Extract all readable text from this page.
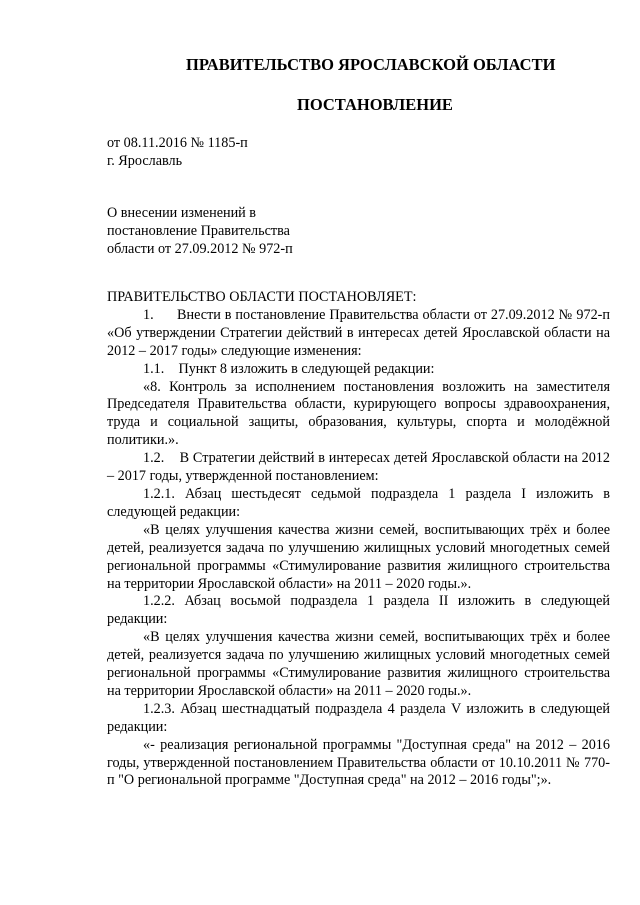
ПРАВИТЕЛЬСТВО ЯРОСЛАВСКОЙ ОБЛАСТИ
ПОСТАНОВЛЕНИЕ
от 08.11.2016 № 1185-п
г. Ярославль
О внесении изменений в
постановление Правительства
области от 27.09.2012 № 972-п

ПРАВИТЕЛЬСТВО ОБЛАСТИ ПОСТАНОВЛЯЕТ:

1.      Внести в постановление Правительства области от 27.09.2012 № 972-п «Об утверждении Стратегии действий в интересах детей Ярославской области на 2012 – 2017 годы» следующие изменения:

1.1.    Пункт 8 изложить в следующей редакции:

«8. Контроль за исполнением постановления возложить на заместителя Председателя Правительства области, курирующего вопросы здравоохранения, труда и социальной защиты, образования, культуры, спорта и молодёжной политики.».

1.2.    В Стратегии действий в интересах детей Ярославской области на 2012 – 2017 годы, утвержденной постановлением:

1.2.1. Абзац шестьдесят седьмой подраздела 1 раздела I изложить в следующей редакции:

«В целях улучшения качества жизни семей, воспитывающих трёх и более детей, реализуется задача по улучшению жилищных условий многодетных семей региональной программы «Стимулирование развития жилищного строительства на территории Ярославской области» на 2011 – 2020 годы.».

1.2.2. Абзац восьмой подраздела 1 раздела II изложить в следующей редакции:

«В целях улучшения качества жизни семей, воспитывающих трёх и более детей, реализуется задача по улучшению жилищных условий многодетных семей региональной программы «Стимулирование развития жилищного строительства на территории Ярославской области» на 2011 – 2020 годы.».

1.2.3. Абзац шестнадцатый подраздела 4 раздела V изложить в следующей редакции:

«- реализация региональной программы "Доступная среда" на 2012 – 2016 годы, утвержденной постановлением Правительства области от 10.10.2011 № 770-п "О региональной программе "Доступная среда" на 2012 – 2016 годы";».
